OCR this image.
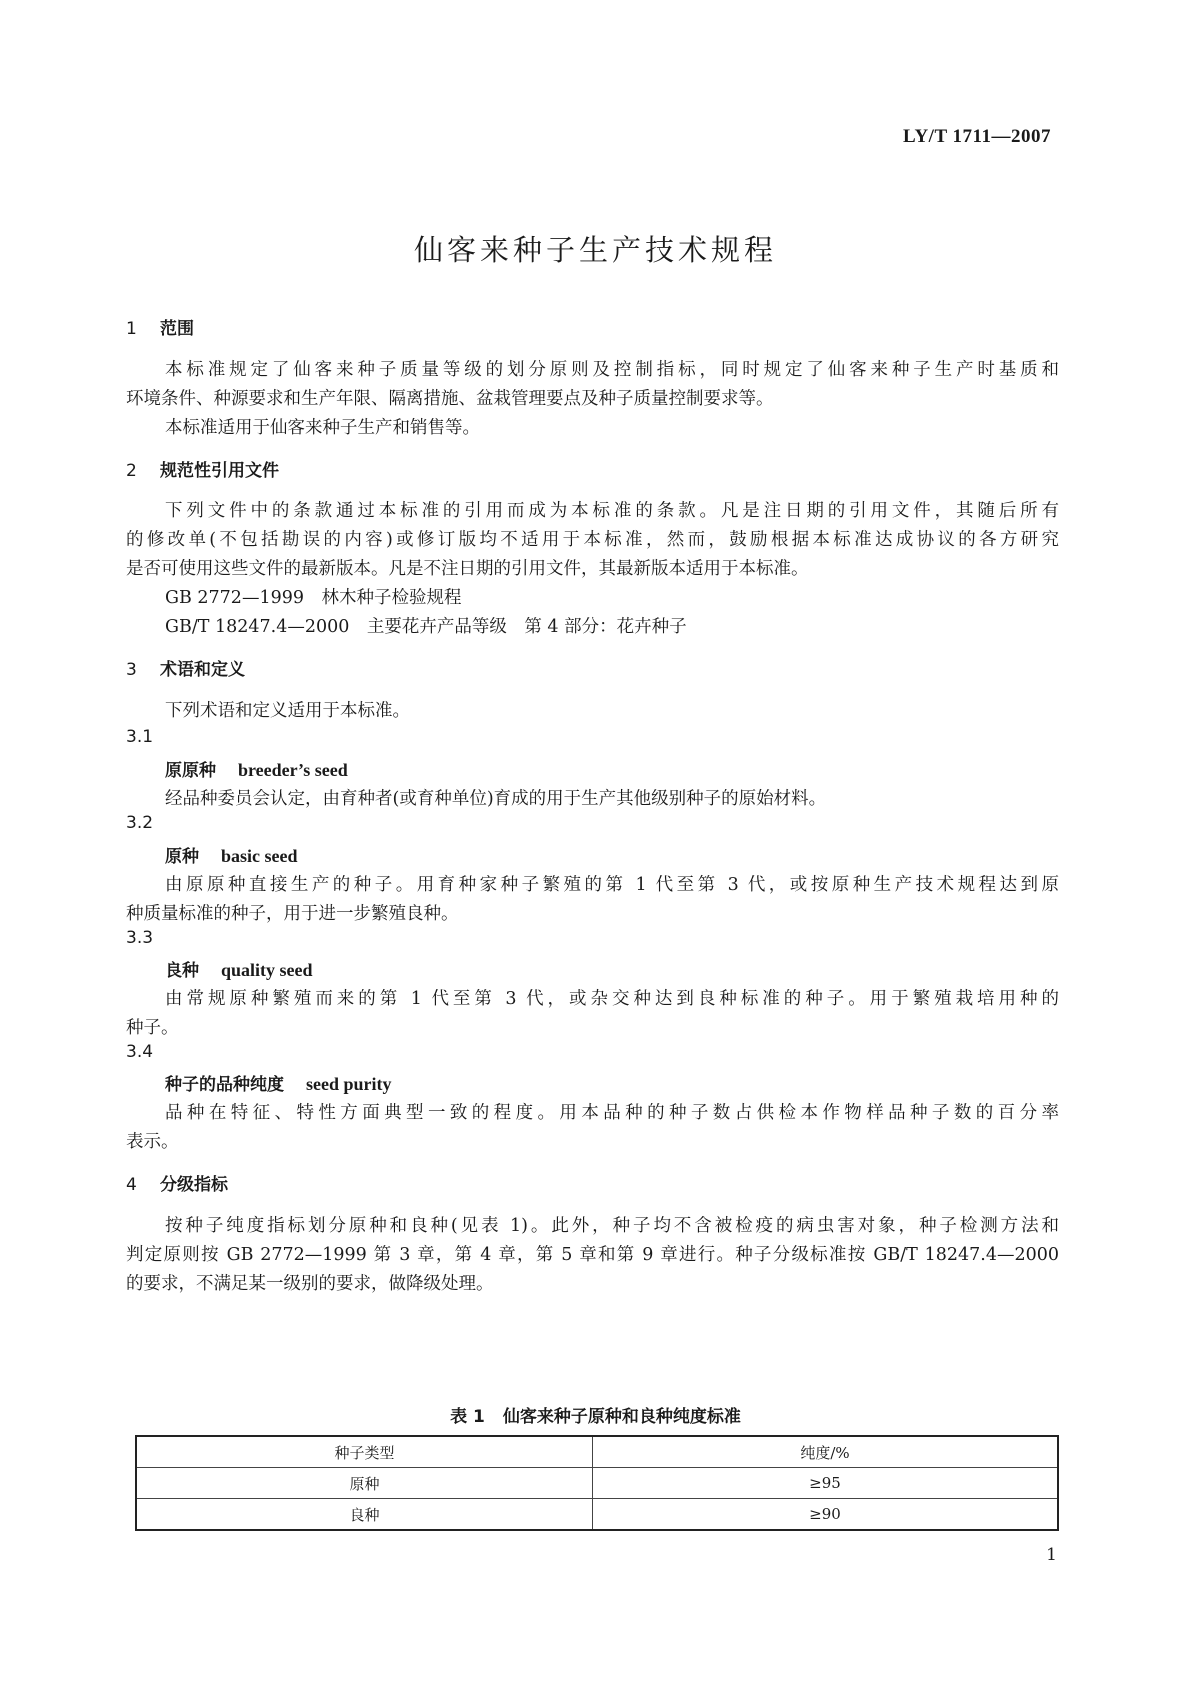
LY/T 1711—2007
仙客来种子生产技术规程
1 范围
本标准规定了仙客来种子质量等级的划分原则及控制指标，同时规定了仙客来种子生产时基质和
环境条件、种源要求和生产年限、隔离措施、盆栽管理要点及种子质量控制要求等。
本标准适用于仙客来种子生产和销售等。
2 规范性引用文件
下列文件中的条款通过本标准的引用而成为本标准的条款。凡是注日期的引用文件，其随后所有
的修改单(不包括勘误的内容)或修订版均不适用于本标准，然而，鼓励根据本标准达成协议的各方研究
是否可使用这些文件的最新版本。凡是不注日期的引用文件，其最新版本适用于本标准。
GB 2772—1999　林木种子检验规程
GB/T 18247.4—2000　主要花卉产品等级　第 4 部分：花卉种子
3 术语和定义
下列术语和定义适用于本标准。
3.1
原原种 breeder’s seed
经品种委员会认定，由育种者(或育种单位)育成的用于生产其他级别种子的原始材料。
3.2
原种 basic seed
由原原种直接生产的种子。用育种家种子繁殖的第 1 代至第 3 代，或按原种生产技术规程达到原
种质量标准的种子，用于进一步繁殖良种。
3.3
良种 quality seed
由常规原种繁殖而来的第 1 代至第 3 代，或杂交种达到良种标准的种子。用于繁殖栽培用种的
种子。
3.4
种子的品种纯度 seed purity
品种在特征、特性方面典型一致的程度。用本品种的种子数占供检本作物样品种子数的百分率
表示。
4 分级指标
按种子纯度指标划分原种和良种(见表 1)。此外，种子均不含被检疫的病虫害对象，种子检测方法和
判定原则按 GB 2772—1999 第 3 章，第 4 章，第 5 章和第 9 章进行。种子分级标准按 GB/T 18247.4—2000
的要求，不满足某一级别的要求，做降级处理。
表 1 仙客来种子原种和良种纯度标准
种子类型	纯度/%
原种	≥95
良种	≥90
1
